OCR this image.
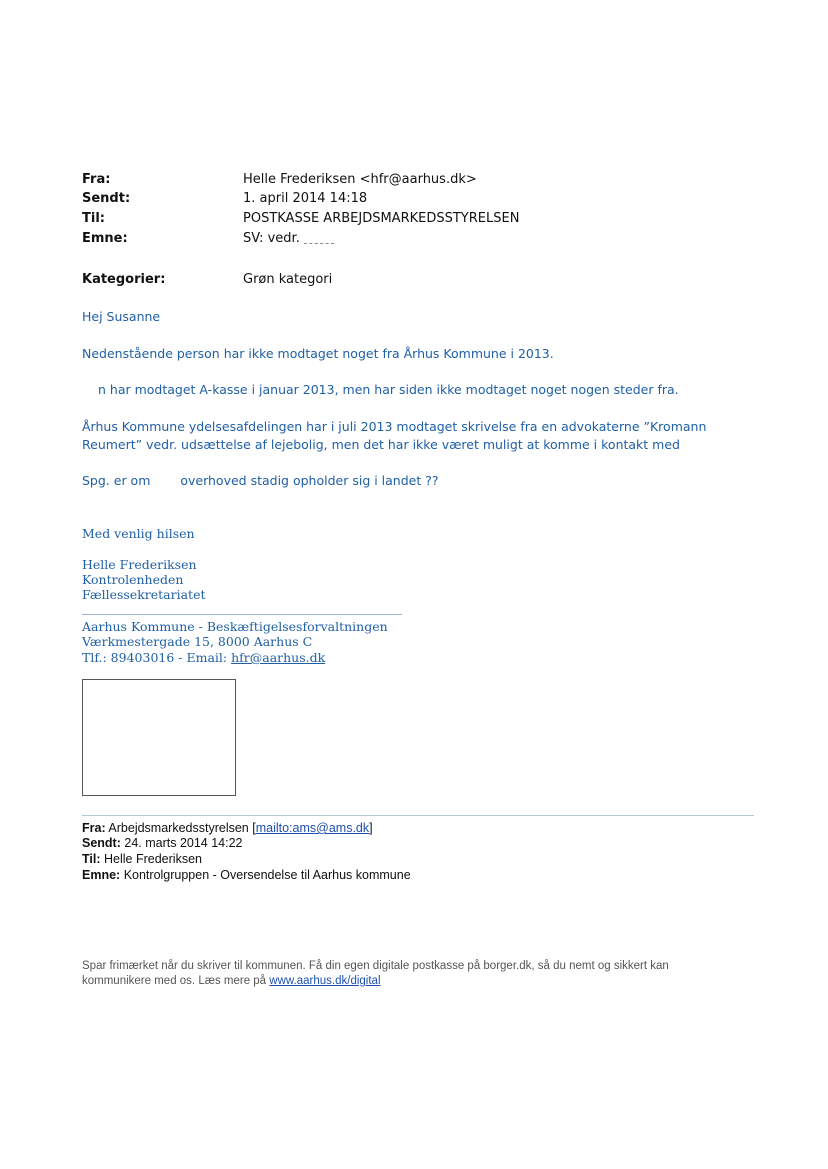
Fra:	Helle Frederiksen <hfr@aarhus.dk>
Sendt:	1. april 2014 14:18
Til:	POSTKASSE ARBEJDSMARKEDSSTYRELSEN
Emne:	SV: vedr.
Kategorier:	Grøn kategori
Hej Susanne
Nedenstående person har ikke modtaget noget fra Århus Kommune i 2013.
n har modtaget A-kasse i januar 2013, men har siden ikke modtaget noget nogen steder fra.
Århus Kommune ydelsesafdelingen har i juli 2013 modtaget skrivelse fra en advokaterne ”Kromann
Reumert” vedr. udsættelse af lejebolig, men det har ikke været muligt at komme i kontakt med
Spg. er om overhoved stadig opholder sig i landet ??
Med venlig hilsen
Helle Frederiksen
Kontrolenheden
Fællessekretariatet
Aarhus Kommune - Beskæftigelsesforvaltningen
Værkmestergade 15, 8000 Aarhus C
Tlf.: 89403016 - Email: hfr@aarhus.dk
Fra: Arbejdsmarkedsstyrelsen [mailto:ams@ams.dk]
Sendt: 24. marts 2014 14:22
Til: Helle Frederiksen
Emne: Kontrolgruppen - Oversendelse til Aarhus kommune
Spar frimærket når du skriver til kommunen. Få din egen digitale postkasse på borger.dk, så du nemt og sikkert kan
kommunikere med os. Læs mere på www.aarhus.dk/digital
